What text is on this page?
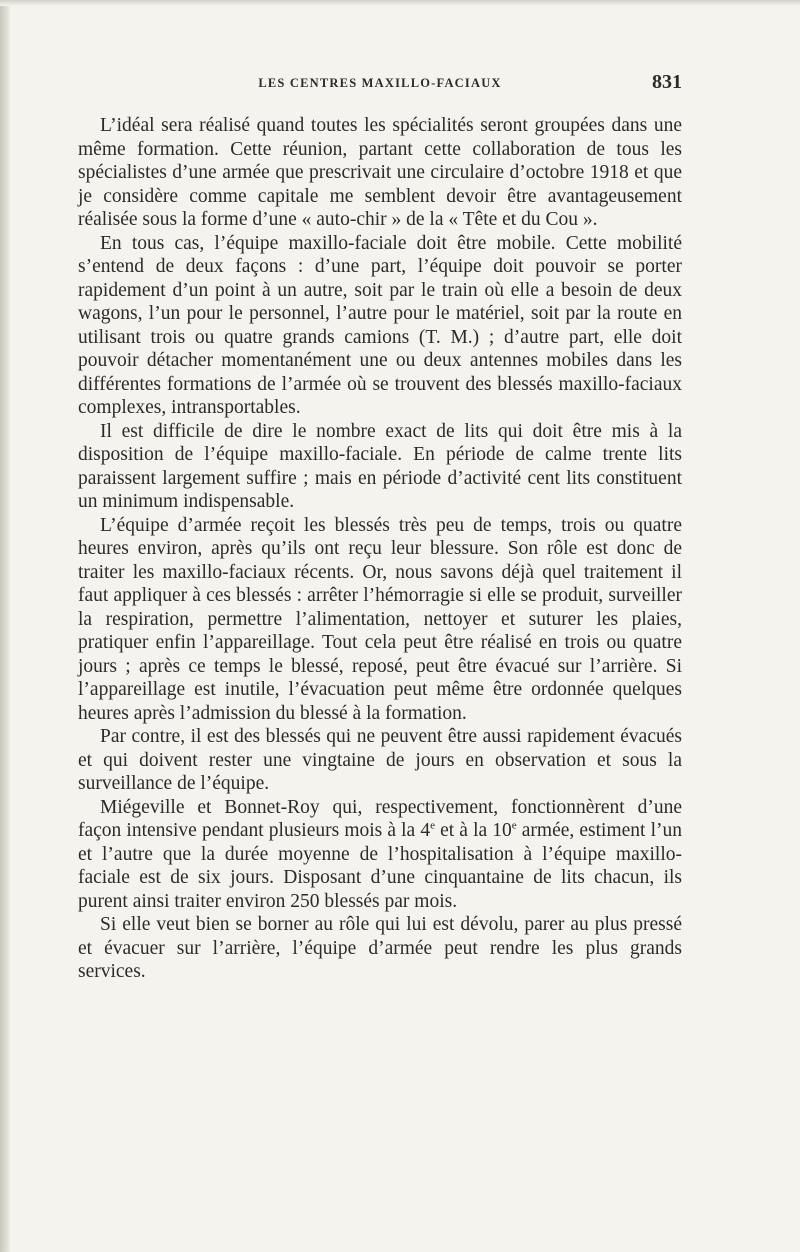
LES CENTRES MAXILLO-FACIAUX	831

L’idéal sera réalisé quand toutes les spécialités seront groupées dans une même formation. Cette réunion, partant cette collaboration de tous les spécialistes d’une armée que prescrivait une circulaire d’octobre 1918 et que je considère comme capitale me semblent devoir être avantageusement réalisée sous la forme d’une « auto-chir » de la « Tête et du Cou ».

En tous cas, l’équipe maxillo-faciale doit être mobile. Cette mobilité s’entend de deux façons : d’une part, l’équipe doit pouvoir se porter rapidement d’un point à un autre, soit par le train où elle a besoin de deux wagons, l’un pour le personnel, l’autre pour le matériel, soit par la route en utilisant trois ou quatre grands camions (T. M.) ; d’autre part, elle doit pouvoir détacher momentanément une ou deux antennes mobiles dans les différentes formations de l’armée où se trouvent des blessés maxillo-faciaux complexes, intransportables.

Il est difficile de dire le nombre exact de lits qui doit être mis à la disposition de l’équipe maxillo-faciale. En période de calme trente lits paraissent largement suffire ; mais en période d’activité cent lits constituent un minimum indispensable.

L’équipe d’armée reçoit les blessés très peu de temps, trois ou quatre heures environ, après qu’ils ont reçu leur blessure. Son rôle est donc de traiter les maxillo-faciaux récents. Or, nous savons déjà quel traitement il faut appliquer à ces blessés : arrêter l’hémorragie si elle se produit, surveiller la respiration, permettre l’alimentation, nettoyer et suturer les plaies, pratiquer enfin l’appareillage. Tout cela peut être réalisé en trois ou quatre jours ; après ce temps le blessé, reposé, peut être évacué sur l’arrière. Si l’appareillage est inutile, l’évacuation peut même être ordonnée quelques heures après l’admission du blessé à la formation.

Par contre, il est des blessés qui ne peuvent être aussi rapidement évacués et qui doivent rester une vingtaine de jours en observation et sous la surveillance de l’équipe.

Miégeville et Bonnet-Roy qui, respectivement, fonctionnèrent d’une façon intensive pendant plusieurs mois à la 4e et à la 10e armée, estiment l’un et l’autre que la durée moyenne de l’hospitalisation à l’équipe maxillo-faciale est de six jours. Disposant d’une cinquantaine de lits chacun, ils purent ainsi traiter environ 250 blessés par mois.

Si elle veut bien se borner au rôle qui lui est dévolu, parer au plus pressé et évacuer sur l’arrière, l’équipe d’armée peut rendre les plus grands services.
